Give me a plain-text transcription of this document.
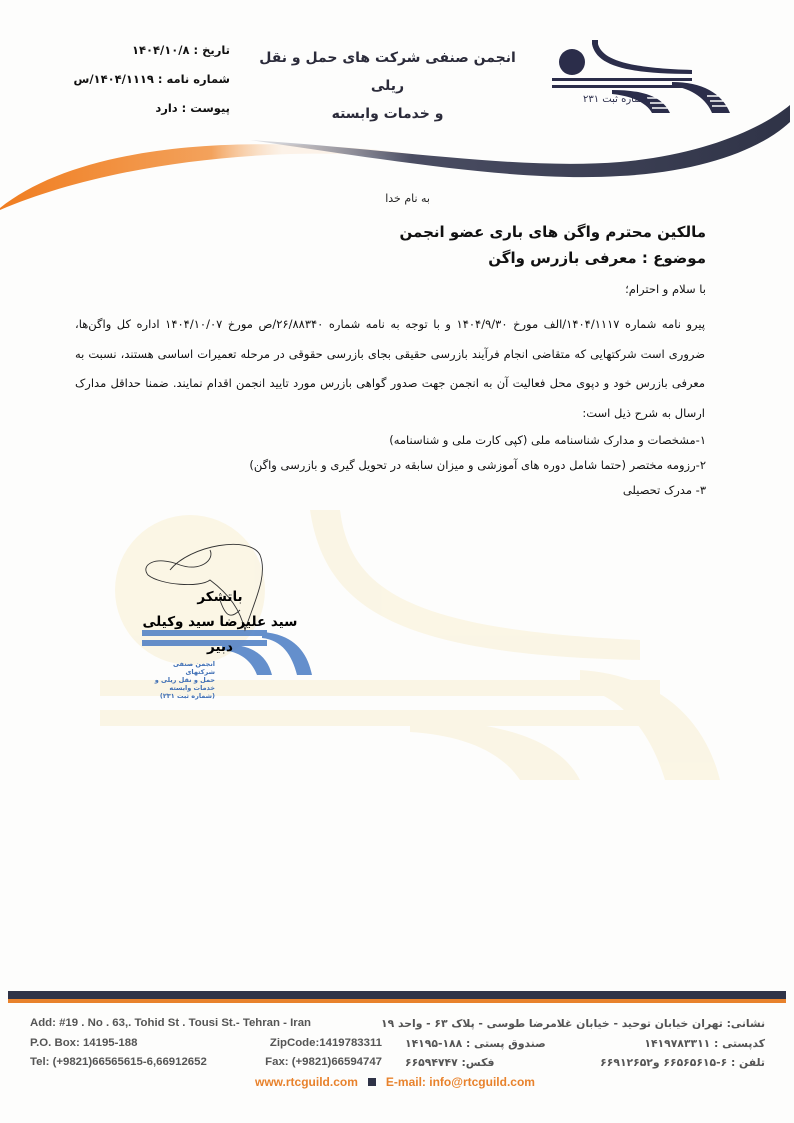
شماره ثبت ۲۳۱
انجمن صنفی شرکت های حمل و نقل ریلی
و خدمات وابسته
تاریخ : ۱۴۰۴/۱۰/۸
شماره نامه : ۱۴۰۴/۱۱۱۹/س
پیوست : دارد
انجمن صنفی شرکتهای
حمل و نقل ریلی و خدمات وابسته
(شماره ثبت ۲۳۱)
به نام خدا
مالکین محترم واگن های باری عضو انجمن
موضوع : معرفی بازرس واگن
با سلام و احترام؛
پیرو نامه شماره ۱۴۰۴/۱۱۱۷/الف مورخ ۱۴۰۴/۹/۳۰ و با توجه به نامه شماره ۲۶/۸۸۳۴۰/ص مورخ ۱۴۰۴/۱۰/۰۷ اداره کل واگن‌ها، ضروری است شرکتهایی که متقاضی انجام فرآیند بازرسی حقیقی بجای بازرسی حقوقی در مرحله تعمیرات اساسی هستند، نسبت به معرفی بازرس خود و دپوی محل فعالیت آن به انجمن جهت صدور گواهی بازرس مورد تایید انجمن اقدام نمایند. ضمنا حداقل مدارک ارسال به شرح ذیل است:
۱-مشخصات و مدارک شناسنامه ملی (کپی کارت ملی و شناسنامه)
۲-رزومه مختصر (حتما شامل دوره های آموزشی و میزان سابقه در تحویل گیری و بازرسی واگن)
۳- مدرک تحصیلی
باتشکر
سید علیرضا سید وکیلی
دبیر
Add: #19 . No . 63,. Tohid St . Tousi St.- Tehran - Iran
P.O. Box: 14195-188	ZipCode:1419783311
Tel: (+9821)66565615-6,66912652	Fax: (+9821)66594747
نشانی: تهران خیابان توحید - خیابان غلامرضا طوسی - پلاک ۶۳ - واحد ۱۹
کدپستی : ۱۴۱۹۷۸۳۳۱۱
صندوق پستی : ۱۸۸-۱۴۱۹۵
تلفن : ۶-۶۶۵۶۵۶۱۵ و۶۶۹۱۲۶۵۲
فکس: ۶۶۵۹۴۷۴۷
www.rtcguild.com E-mail: info@rtcguild.com
